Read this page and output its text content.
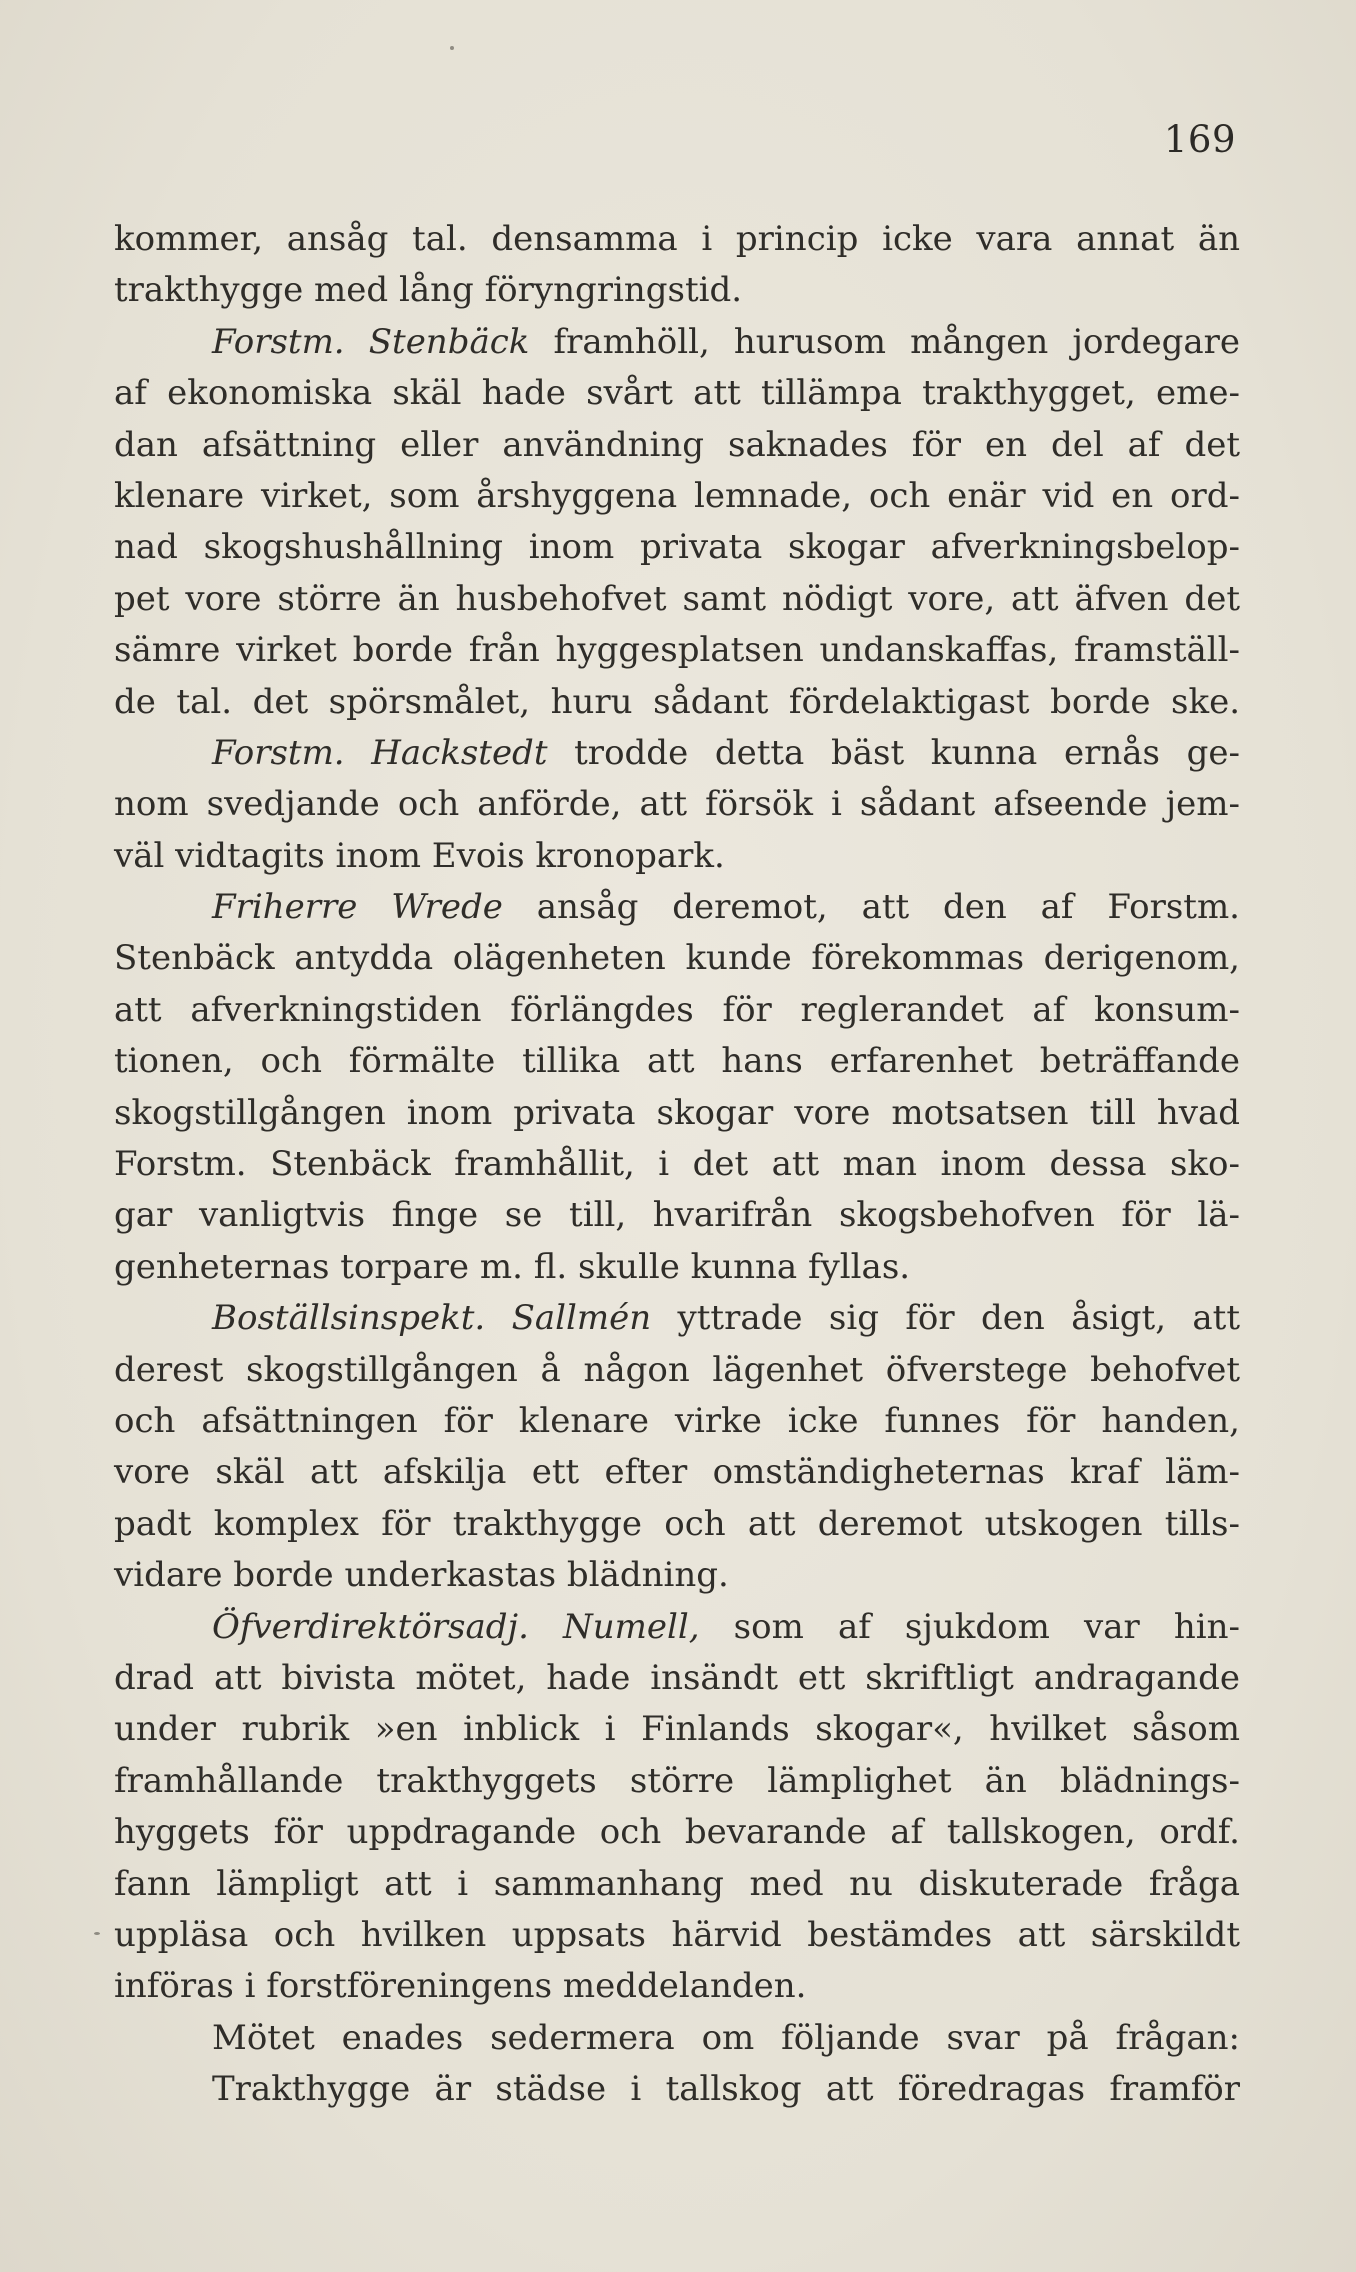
169
kommer, ansåg tal. densamma i princip icke vara annat än
trakthygge med lång föryngringstid.
Forstm. Stenbäck framhöll, hurusom mången jordegare
af ekonomiska skäl hade svårt att tillämpa trakthygget, eme-
dan afsättning eller användning saknades för en del af det
klenare virket, som årshyggena lemnade, och enär vid en ord-
nad skogshushållning inom privata skogar afverkningsbelop-
pet vore större än husbehofvet samt nödigt vore, att äfven det
sämre virket borde från hyggesplatsen undanskaffas, framställ-
de tal. det spörsmålet, huru sådant fördelaktigast borde ske.
Forstm. Hackstedt trodde detta bäst kunna ernås ge-
nom svedjande och anförde, att försök i sådant afseende jem-
väl vidtagits inom Evois kronopark.
Friherre Wrede ansåg deremot, att den af Forstm.
Stenbäck antydda olägenheten kunde förekommas derigenom,
att afverkningstiden förlängdes för reglerandet af konsum-
tionen, och förmälte tillika att hans erfarenhet beträffande
skogstillgången inom privata skogar vore motsatsen till hvad
Forstm. Stenbäck framhållit, i det att man inom dessa sko-
gar vanligtvis finge se till, hvarifrån skogsbehofven för lä-
genheternas torpare m. fl. skulle kunna fyllas.
Boställsinspekt. Sallmén yttrade sig för den åsigt, att
derest skogstillgången å någon lägenhet öfverstege behofvet
och afsättningen för klenare virke icke funnes för handen,
vore skäl att afskilja ett efter omständigheternas kraf läm-
padt komplex för trakthygge och att deremot utskogen tills-
vidare borde underkastas blädning.
Öfverdirektörsadj. Numell, som af sjukdom var hin-
drad att bivista mötet, hade insändt ett skriftligt andragande
under rubrik »en inblick i Finlands skogar«, hvilket såsom
framhållande trakthyggets större lämplighet än blädnings-
hyggets för uppdragande och bevarande af tallskogen, ordf.
fann lämpligt att i sammanhang med nu diskuterade fråga
uppläsa och hvilken uppsats härvid bestämdes att särskildt
införas i forstföreningens meddelanden.
Mötet enades sedermera om följande svar på frågan:
Trakthygge är städse i tallskog att föredragas framför
